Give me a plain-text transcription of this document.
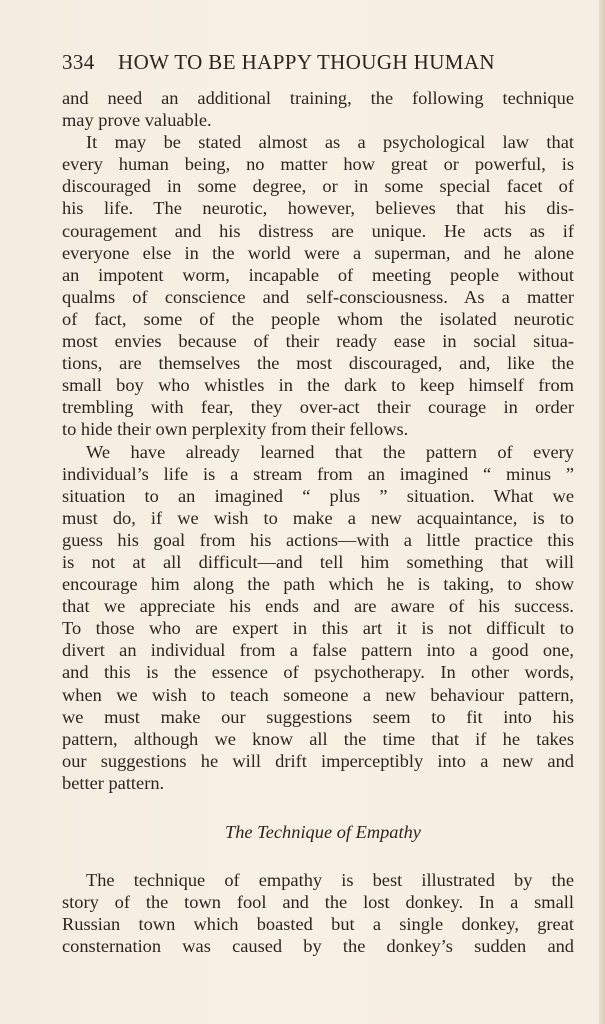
334 HOW TO BE HAPPY THOUGH HUMAN
and need an additional training, the following technique
may prove valuable.
It may be stated almost as a psychological law that
every human being, no matter how great or powerful, is
discouraged in some degree, or in some special facet of
his life. The neurotic, however, believes that his dis-
couragement and his distress are unique. He acts as if
everyone else in the world were a superman, and he alone
an impotent worm, incapable of meeting people without
qualms of conscience and self-consciousness. As a matter
of fact, some of the people whom the isolated neurotic
most envies because of their ready ease in social situa-
tions, are themselves the most discouraged, and, like the
small boy who whistles in the dark to keep himself from
trembling with fear, they over-act their courage in order
to hide their own perplexity from their fellows.
We have already learned that the pattern of every
individual’s life is a stream from an imagined “ minus ”
situation to an imagined “ plus ” situation. What we
must do, if we wish to make a new acquaintance, is to
guess his goal from his actions—with a little practice this
is not at all difficult—and tell him something that will
encourage him along the path which he is taking, to show
that we appreciate his ends and are aware of his success.
To those who are expert in this art it is not difficult to
divert an individual from a false pattern into a good one,
and this is the essence of psychotherapy. In other words,
when we wish to teach someone a new behaviour pattern,
we must make our suggestions seem to fit into his
pattern, although we know all the time that if he takes
our suggestions he will drift imperceptibly into a new and
better pattern.
The Technique of Empathy
The technique of empathy is best illustrated by the
story of the town fool and the lost donkey. In a small
Russian town which boasted but a single donkey, great
consternation was caused by the donkey’s sudden and
